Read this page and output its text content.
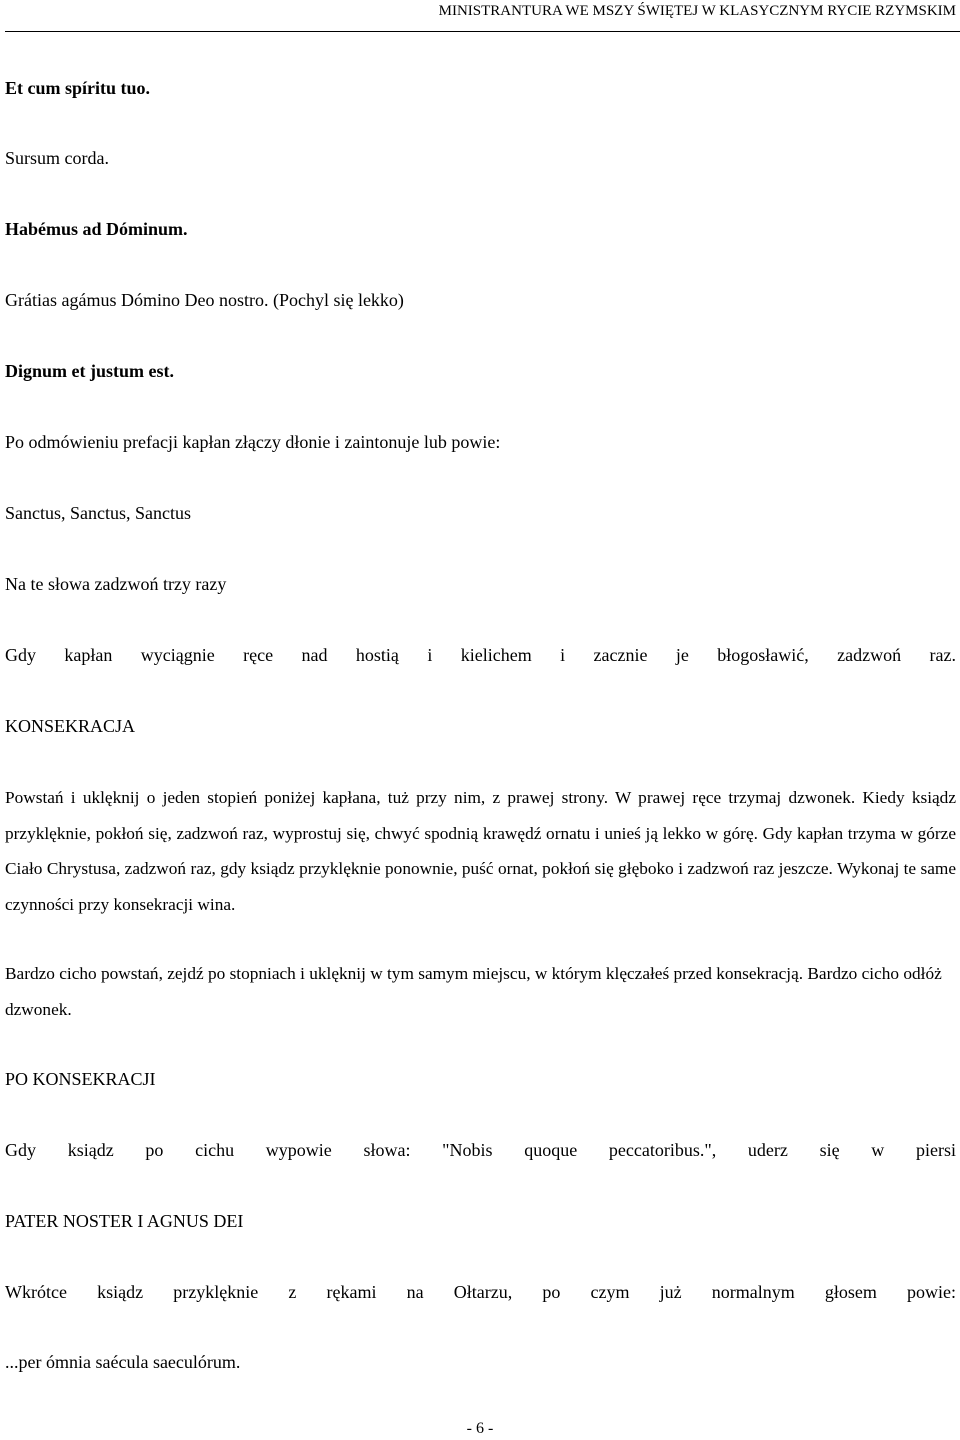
MINISTRANTURA WE MSZY ŚWIĘTEJ W KLASYCZNYM RYCIE RZYMSKIM

Et cum spíritu tuo.

Sursum corda.

Habémus ad Dóminum.

Grátias agámus Dómino Deo nostro. (Pochyl się lekko)

Dignum et justum est.

Po odmówieniu prefacji kapłan złączy dłonie i zaintonuje lub powie:

Sanctus, Sanctus, Sanctus

Na te słowa zadzwoń trzy razy

Gdy kapłan wyciągnie ręce nad hostią i kielichem i zacznie je błogosławić, zadzwoń raz.

KONSEKRACJA

Powstań i uklęknij o jeden stopień poniżej kapłana, tuż przy nim, z prawej strony. W prawej ręce trzymaj dzwonek. Kiedy ksiądz przyklęknie, pokłoń się, zadzwoń raz, wyprostuj się, chwyć spodnią krawędź ornatu i unieś ją lekko w górę. Gdy kapłan trzyma w górze Ciało Chrystusa, zadzwoń raz, gdy ksiądz przyklęknie ponownie, puść ornat, pokłoń się głęboko i zadzwoń raz jeszcze. Wykonaj te same czynności przy konsekracji wina.

Bardzo cicho powstań, zejdź po stopniach i uklęknij w tym samym miejscu, w którym klęczałeś przed konsekracją. Bardzo cicho odłóż dzwonek.

PO KONSEKRACJI

Gdy ksiądz po cichu wypowie słowa: "Nobis quoque peccatoribus.", uderz się w piersi

PATER NOSTER I AGNUS DEI

Wkrótce ksiądz przyklęknie z rękami na Ołtarzu, po czym już normalnym głosem powie:

...per ómnia saécula saeculórum.

- 6 -
